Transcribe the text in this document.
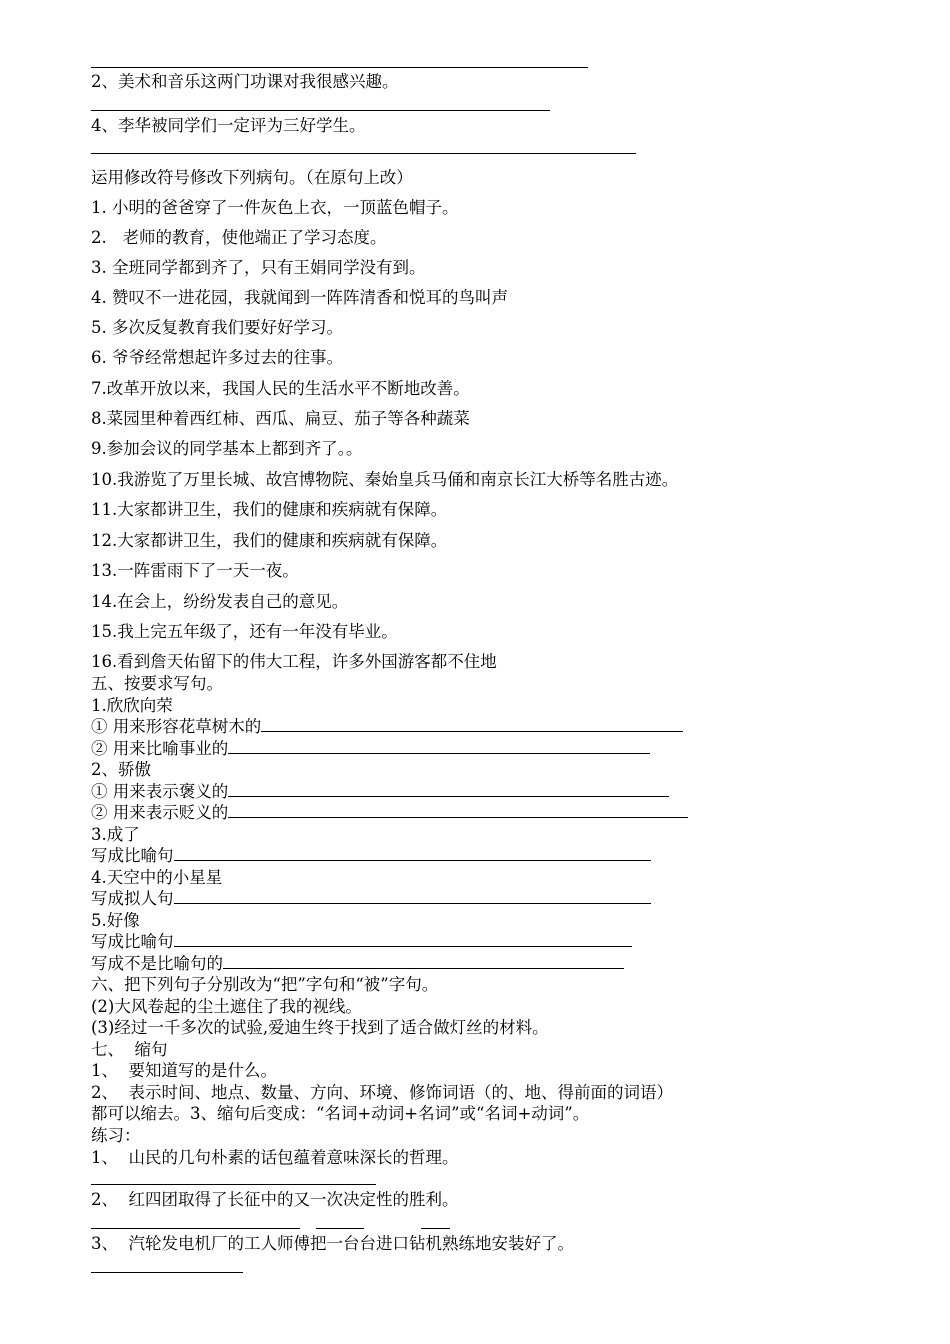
2、美术和音乐这两门功课对我很感兴趣。
4、李华被同学们一定评为三好学生。
运用修改符号修改下列病句。（在原句上改）
1. 小明的爸爸穿了一件灰色上衣，一顶蓝色帽子。
2.   老师的教育，使他端正了学习态度。
3. 全班同学都到齐了，只有王娟同学没有到。
4. 赞叹不一进花园，我就闻到一阵阵清香和悦耳的鸟叫声
5. 多次反复教育我们要好好学习。
6. 爷爷经常想起许多过去的往事。
7.改革开放以来，我国人民的生活水平不断地改善。
8.菜园里种着西红柿、西瓜、扁豆、茄子等各种蔬菜
9.参加会议的同学基本上都到齐了。。
10.我游览了万里长城、故宫博物院、秦始皇兵马俑和南京长江大桥等名胜古迹。
11.大家都讲卫生，我们的健康和疾病就有保障。
12.大家都讲卫生，我们的健康和疾病就有保障。
13.一阵雷雨下了一天一夜。
14.在会上，纷纷发表自己的意见。
15.我上完五年级了，还有一年没有毕业。
16.看到詹天佑留下的伟大工程，许多外国游客都不住地
五、按要求写句。
1.欣欣向荣
① 用来形容花草树木的
② 用来比喻事业的
2、骄傲
① 用来表示褒义的
② 用来表示贬义的
3.成了
写成比喻句
4.天空中的小星星
写成拟人句
5.好像
写成比喻句
写成不是比喻句的
六、把下列句子分别改为“把”字句和“被”字句。
(2)大风卷起的尘土遮住了我的视线。
(3)经过一千多次的试验,爱迪生终于找到了适合做灯丝的材料。
七、  缩句
1、  要知道写的是什么。
2、  表示时间、地点、数量、方向、环境、修饰词语（的、地、得前面的词语）
都可以缩去。3、缩句后变成：“名词+动词+名词”或“名词+动词”。
练习：
1、  山民的几句朴素的话包蕴着意味深长的哲理。
2、  红四团取得了长征中的又一次决定性的胜利。
3、  汽轮发电机厂的工人师傅把一台台进口钻机熟练地安装好了。
